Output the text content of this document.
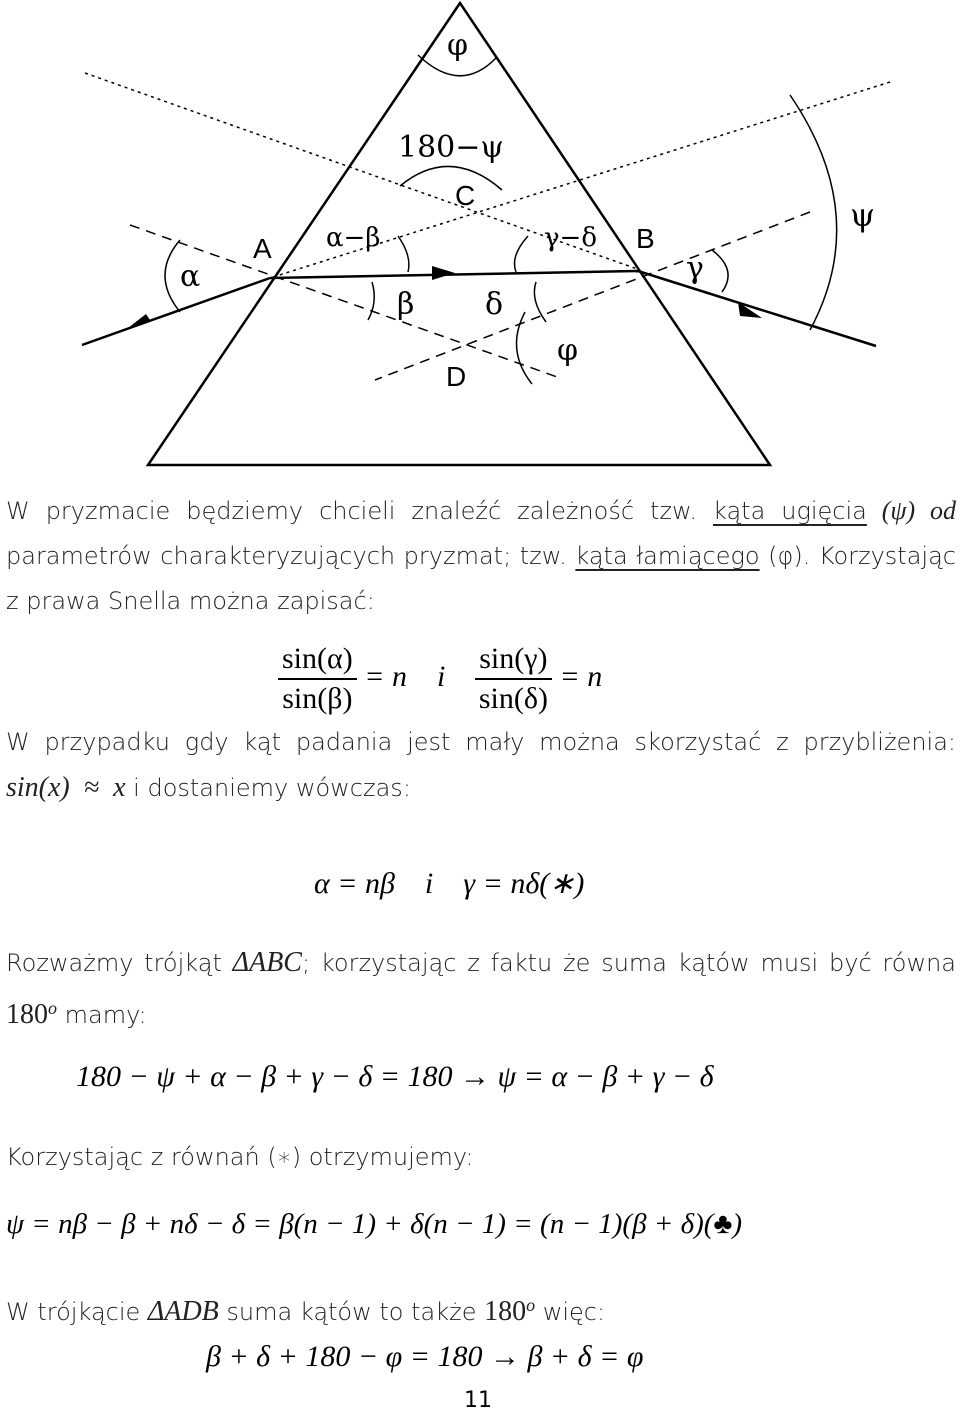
φ
180−ψ
C
A	B
D
α
α−β	γ−δ
β δ
φ
γ
ψ
W pryzmacie będziemy chcieli znaleźć zależność tzw. kąta ugięcia (ψ) od
parametrów charakteryzujących pryzmat; tzw. kąta łamiącego (φ). Korzystając
z prawa Snella można zapisać:
$\frac{\sin(\alpha)}{\sin(\beta)} = n$    i $\frac{\sin(\gamma)}{\sin(\delta)} = n$
W przypadku gdy kąt padania jest mały można skorzystać z przybliżenia:
sin(x)  ≈  x i dostaniemy wówczas:
α = nβ    i    γ = nδ(∗)
Rozważmy trójkąt ΔABC; korzystając z faktu że suma kątów musi być równa
180$^o$ mamy:
180 − ψ + α − β + γ − δ = 180 → ψ = α − β + γ − δ
Korzystając z równań (∗) otrzymujemy:
ψ = nβ − β + nδ − δ = β(n − 1) + δ(n − 1) = (n − 1)(β + δ)(♣)
W trójkącie ΔADB suma kątów to także 180$^o$ więc:
β + δ + 180 − φ = 180 → β + δ = φ
11
